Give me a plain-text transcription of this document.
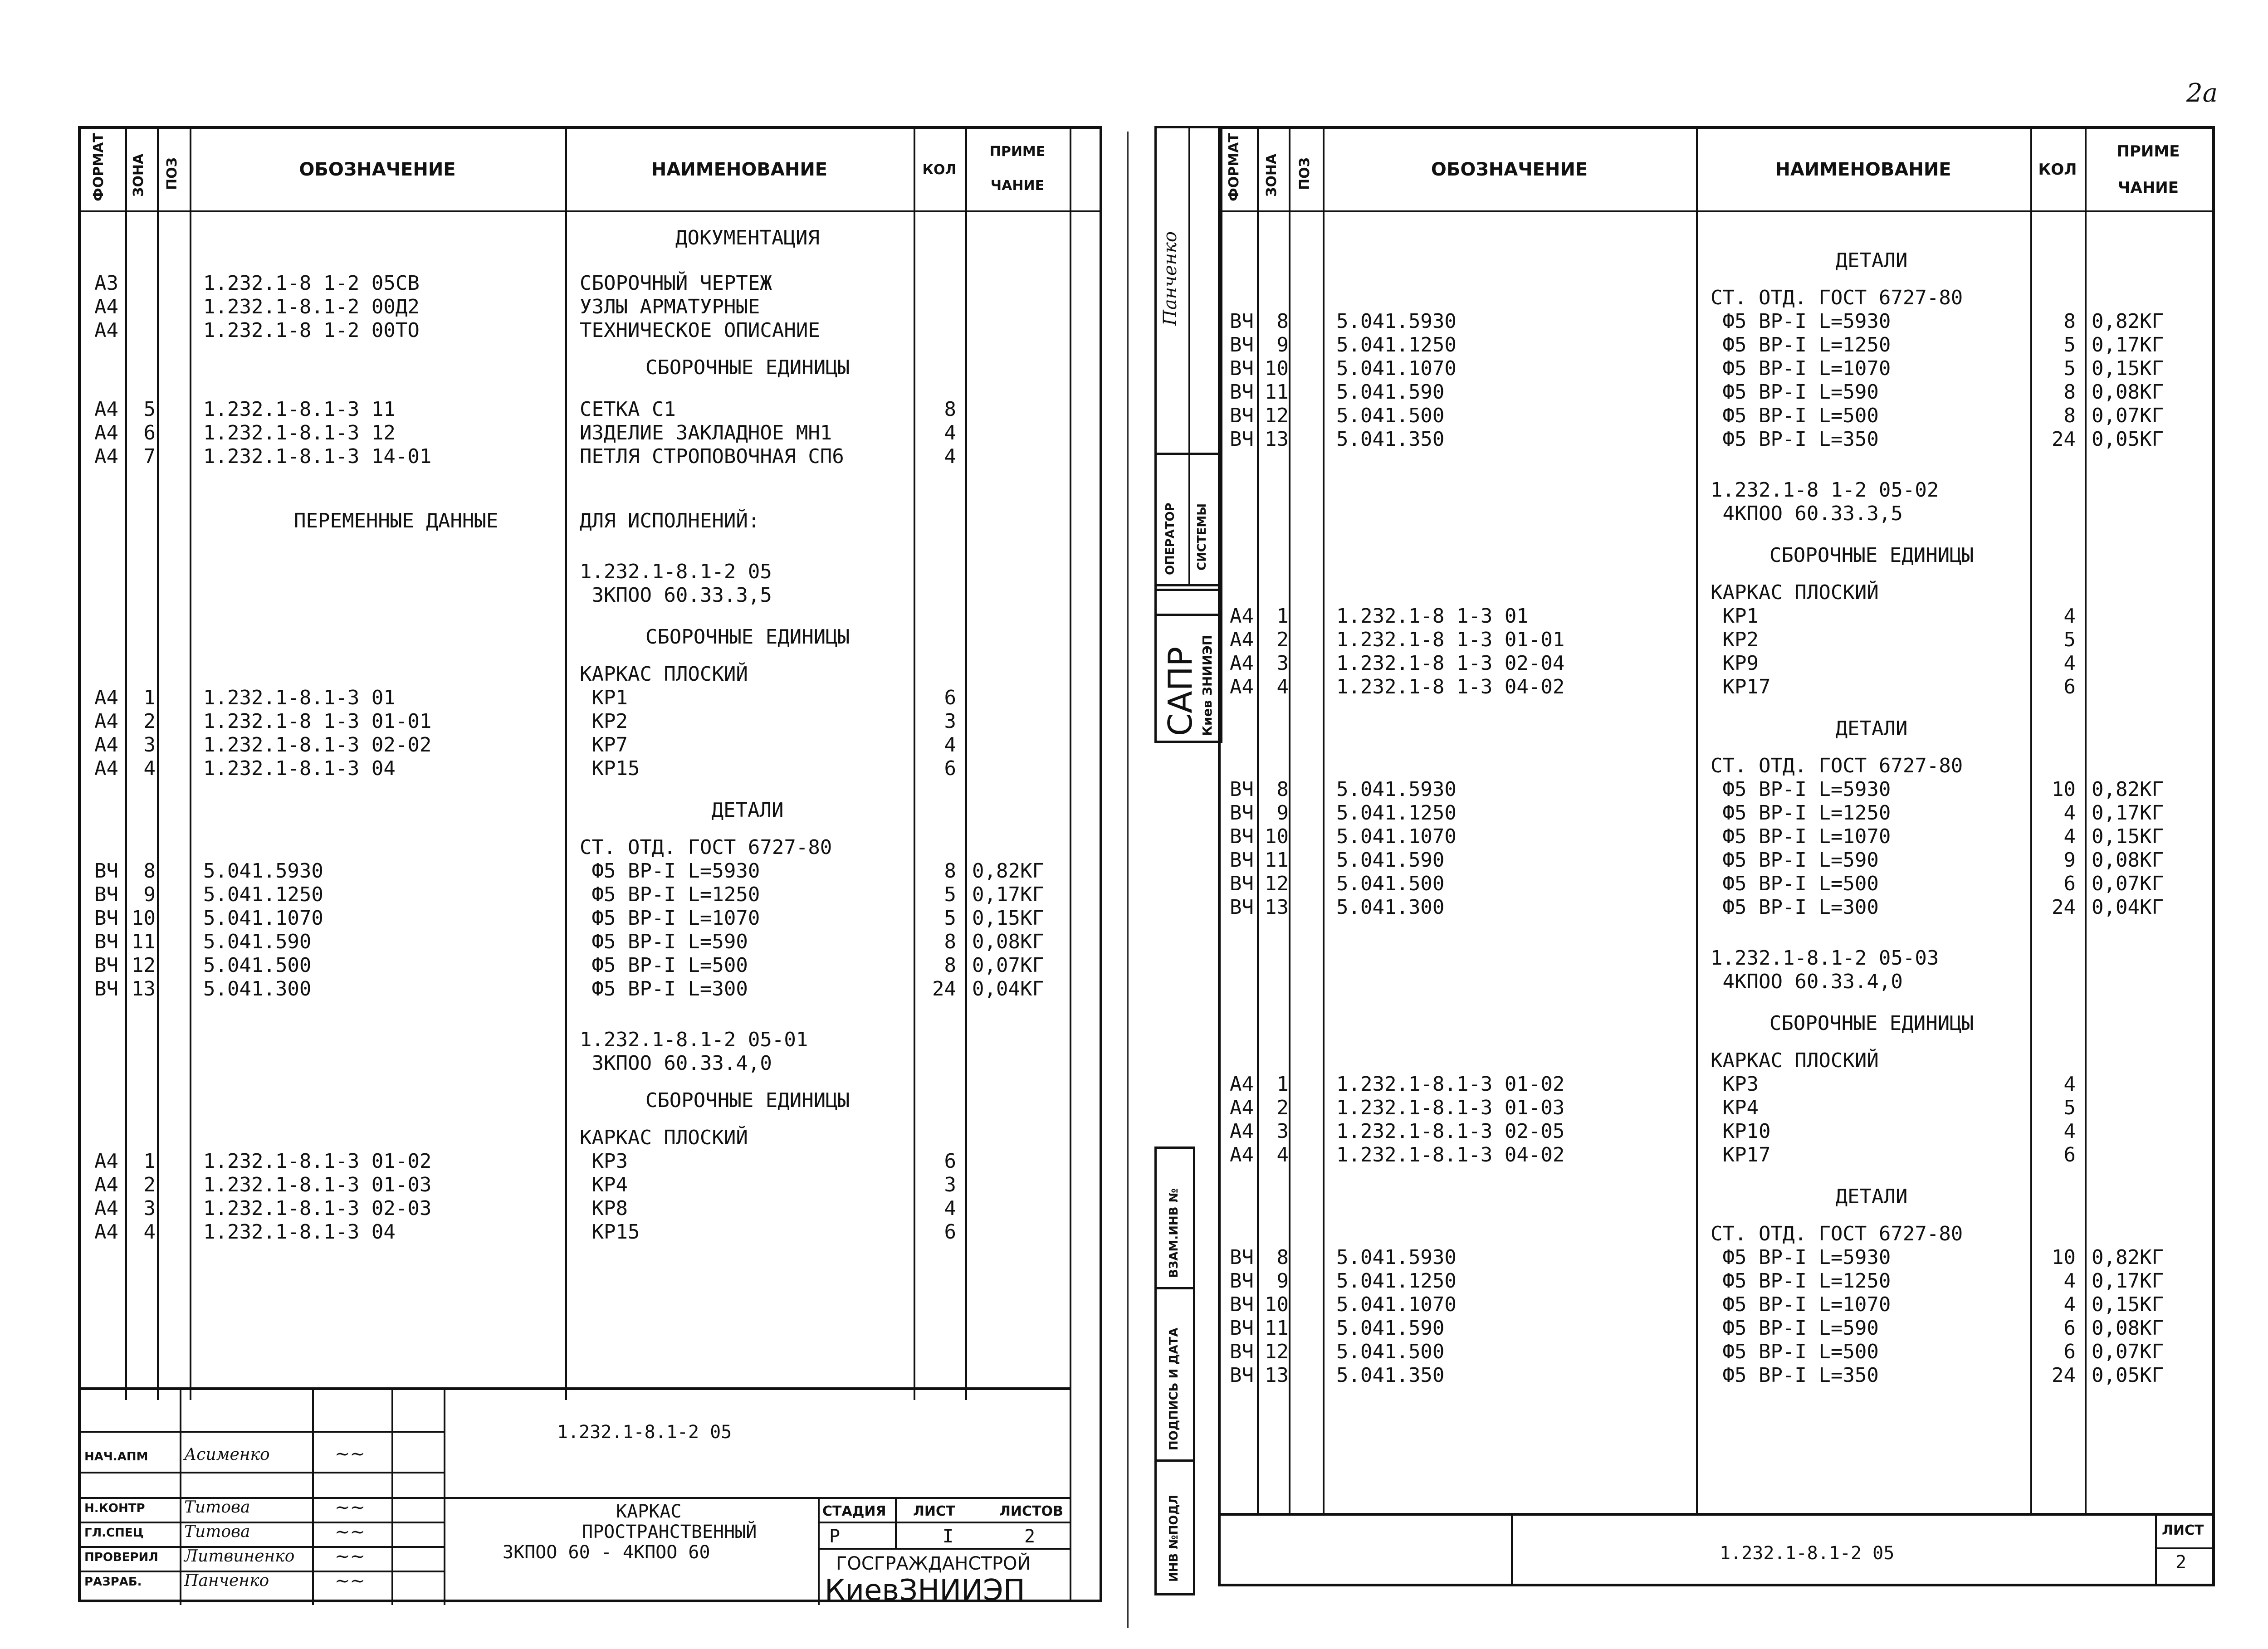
2а
ФОРМАТ ЗОНА ПОЗ	ОБОЗНАЧЕНИЕ	НАИМЕНОВАНИЕ	КОЛ
ПРИМЕ
ЧАНИЕ
ДОКУМЕНТАЦИЯ
А3	1.232.1-8 1-2 05СВ	СБОРОЧНЫЙ ЧЕРТЕЖ
А4	1.232.1-8.1-2 00Д2	УЗЛЫ АРМАТУРНЫЕ
А4	1.232.1-8 1-2 00ТО	ТЕХНИЧЕСКОЕ ОПИСАНИЕ
СБОРОЧНЫЕ ЕДИНИЦЫ
А4	5 1.232.1-8.1-3 11	СЕТКА С1	8
А4	6 1.232.1-8.1-3 12	ИЗДЕЛИЕ ЗАКЛАДНОЕ МН1	4
А4	7 1.232.1-8.1-3 14-01	ПЕТЛЯ СТРОПОВОЧНАЯ СП6	4
ПЕРЕМЕННЫЕ ДАННЫЕ	ДЛЯ ИСПОЛНЕНИЙ:
1.232.1-8.1-2 05
3КПОО 60.33.3,5
СБОРОЧНЫЕ ЕДИНИЦЫ
КАРКАС ПЛОСКИЙ
А4	1 1.232.1-8.1-3 01	КР1	6
А4	2 1.232.1-8 1-3 01-01	КР2	3
А4	3 1.232.1-8.1-3 02-02	КР7	4
А4	4 1.232.1-8.1-3 04	КР15	6
ДЕТАЛИ
СТ. ОТД. ГОСТ 6727-80
ВЧ	8 5.041.5930	Ф5 ВР-I L=5930	8 0,82КГ
ВЧ	9 5.041.1250	Ф5 ВР-I L=1250	5 0,17КГ
ВЧ 10 5.041.1070	Ф5 ВР-I L=1070	5 0,15КГ
ВЧ 11 5.041.590	Ф5 ВР-I L=590	8 0,08КГ
ВЧ 12 5.041.500	Ф5 ВР-I L=500	8 0,07КГ
ВЧ 13 5.041.300	Ф5 ВР-I L=300	24 0,04КГ
1.232.1-8.1-2 05-01
3КПОО 60.33.4,0
СБОРОЧНЫЕ ЕДИНИЦЫ
КАРКАС ПЛОСКИЙ
А4	1 1.232.1-8.1-3 01-02	КР3	6
А4	2 1.232.1-8.1-3 01-03	КР4	3
А4	3 1.232.1-8.1-3 02-03	КР8	4
А4	4 1.232.1-8.1-3 04	КР15	6
1.232.1-8.1-2 05
КАРКАС
ПРОСТРАНСТВЕННЫЙ
3КПОО 60 - 4КПОО 60
СТАДИЯ ЛИСТ	ЛИСТОВ
Р	I	2
ГОСГРАЖДАНСТРОЙ
КиевЗНИИЭП
НАЧ.АПМ Асименко	~~
Н.КОНТР Титова	~~
ГЛ.СПЕЦ Титова	~~
ПРОВЕРИЛ Литвиненко ~~
РАЗРАБ.	Панченко	~~
Панченко
ОПЕРАТОР СИСТЕМЫ
САПР Киев ЗНИИЭП
ВЗАМ.ИНВ №
ПОДПИСЬ И ДАТА
ИНВ №ПОДЛ
ФОРМАТ ЗОНА ПОЗ	ОБОЗНАЧЕНИЕ	НАИМЕНОВАНИЕ	КОЛ
ПРИМЕ
ЧАНИЕ
ДЕТАЛИ
СТ. ОТД. ГОСТ 6727-80
ВЧ	8 5.041.5930	Ф5 ВР-I L=5930	8 0,82КГ
ВЧ	9 5.041.1250	Ф5 ВР-I L=1250	5 0,17КГ
ВЧ 10 5.041.1070	Ф5 ВР-I L=1070	5 0,15КГ
ВЧ 11 5.041.590	Ф5 ВР-I L=590	8 0,08КГ
ВЧ 12 5.041.500	Ф5 ВР-I L=500	8 0,07КГ
ВЧ 13 5.041.350	Ф5 ВР-I L=350	24 0,05КГ
1.232.1-8 1-2 05-02
4КПОО 60.33.3,5
СБОРОЧНЫЕ ЕДИНИЦЫ
КАРКАС ПЛОСКИЙ
А4	1 1.232.1-8 1-3 01	КР1	4
А4	2 1.232.1-8 1-3 01-01	КР2	5
А4	3 1.232.1-8 1-3 02-04	КР9	4
А4	4 1.232.1-8 1-3 04-02	КР17	6
ДЕТАЛИ
СТ. ОТД. ГОСТ 6727-80
ВЧ	8 5.041.5930	Ф5 ВР-I L=5930	10 0,82КГ
ВЧ	9 5.041.1250	Ф5 ВР-I L=1250	4 0,17КГ
ВЧ 10 5.041.1070	Ф5 ВР-I L=1070	4 0,15КГ
ВЧ 11 5.041.590	Ф5 ВР-I L=590	9 0,08КГ
ВЧ 12 5.041.500	Ф5 ВР-I L=500	6 0,07КГ
ВЧ 13 5.041.300	Ф5 ВР-I L=300	24 0,04КГ
1.232.1-8.1-2 05-03
4КПОО 60.33.4,0
СБОРОЧНЫЕ ЕДИНИЦЫ
КАРКАС ПЛОСКИЙ
А4	1 1.232.1-8.1-3 01-02	КР3	4
А4	2 1.232.1-8.1-3 01-03	КР4	5
А4	3 1.232.1-8.1-3 02-05	КР10	4
А4	4 1.232.1-8.1-3 04-02	КР17	6
ДЕТАЛИ
СТ. ОТД. ГОСТ 6727-80
ВЧ	8 5.041.5930	Ф5 ВР-I L=5930	10 0,82КГ
ВЧ	9 5.041.1250	Ф5 ВР-I L=1250	4 0,17КГ
ВЧ 10 5.041.1070	Ф5 ВР-I L=1070	4 0,15КГ
ВЧ 11 5.041.590	Ф5 ВР-I L=590	6 0,08КГ
ВЧ 12 5.041.500	Ф5 ВР-I L=500	6 0,07КГ
ВЧ 13 5.041.350	Ф5 ВР-I L=350	24 0,05КГ
1.232.1-8.1-2 05
ЛИСТ
2
